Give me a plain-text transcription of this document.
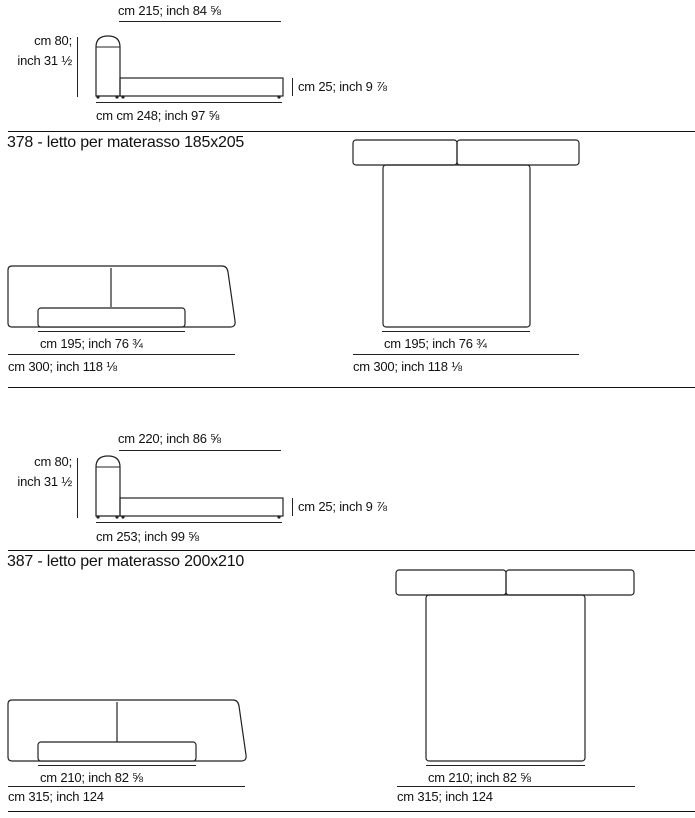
cm 215; inch 84 ⅝
cm 80;
inch 31 ½
cm 25; inch 9 ⅞
cm cm 248; inch 97 ⅝
378 - letto per materasso 185x205
cm 195; inch 76 ¾
cm 300; inch 118 ⅛
cm 195; inch 76 ¾
cm 300; inch 118 ⅛
cm 220; inch 86 ⅝
cm 80;
inch 31 ½
cm 25; inch 9 ⅞
cm 253; inch 99 ⅝
387 - letto per materasso 200x210
cm 210; inch 82 ⅝
cm 315; inch 124
cm 210; inch 82 ⅝
cm 315; inch 124
